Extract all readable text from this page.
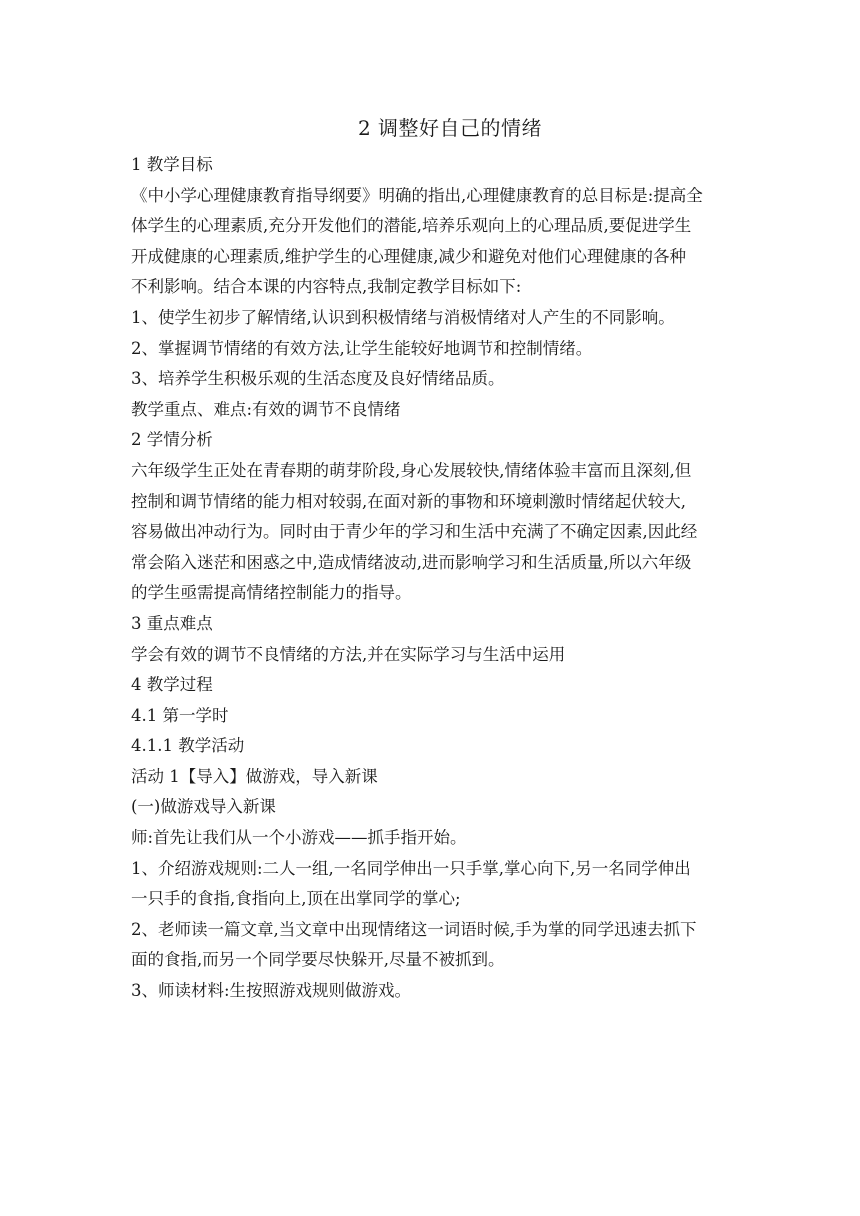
2 调整好自己的情绪
1 教学目标
《中小学心理健康教育指导纲要》明确的指出,心理健康教育的总目标是:提高全
体学生的心理素质,充分开发他们的潜能,培养乐观向上的心理品质,要促进学生
开成健康的心理素质,维护学生的心理健康,减少和避免对他们心理健康的各种
不利影响。结合本课的内容特点,我制定教学目标如下:
1、使学生初步了解情绪,认识到积极情绪与消极情绪对人产生的不同影响。
2、掌握调节情绪的有效方法,让学生能较好地调节和控制情绪。
3、培养学生积极乐观的生活态度及良好情绪品质。
教学重点、难点:有效的调节不良情绪
2 学情分析
六年级学生正处在青春期的萌芽阶段,身心发展较快,情绪体验丰富而且深刻,但
控制和调节情绪的能力相对较弱,在面对新的事物和环境刺激时情绪起伏较大,
容易做出冲动行为。同时由于青少年的学习和生活中充满了不确定因素,因此经
常会陷入迷茫和困惑之中,造成情绪波动,进而影响学习和生活质量,所以六年级
的学生亟需提高情绪控制能力的指导。
3 重点难点
学会有效的调节不良情绪的方法,并在实际学习与生活中运用
4 教学过程
4.1 第一学时
4.1.1 教学活动
活动 1【导入】做游戏，导入新课
(一)做游戏导入新课
师:首先让我们从一个小游戏——抓手指开始。
1、介绍游戏规则:二人一组,一名同学伸出一只手掌,掌心向下,另一名同学伸出
一只手的食指,食指向上,顶在出掌同学的掌心;
2、老师读一篇文章,当文章中出现情绪这一词语时候,手为掌的同学迅速去抓下
面的食指,而另一个同学要尽快躲开,尽量不被抓到。
3、师读材料:生按照游戏规则做游戏。
